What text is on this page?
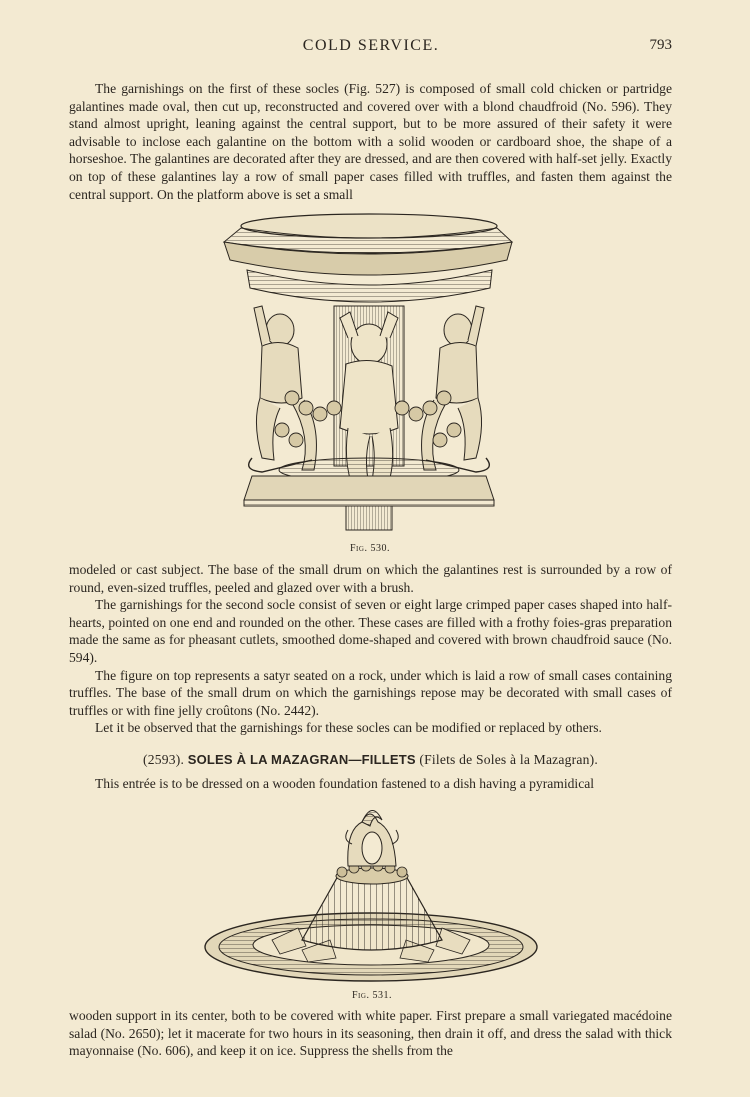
COLD SERVICE.	793

The garnishings on the first of these socles (Fig. 527) is composed of small cold chicken or partridge galantines made oval, then cut up, reconstructed and covered over with a blond chaudfroid (No. 596). They stand almost upright, leaning against the central support, but to be more assured of their safety it were advisable to inclose each galantine on the bottom with a solid wooden or cardboard shoe, the shape of a horseshoe. The galantines are decorated after they are dressed, and are then covered with half-set jelly. Exactly on top of these galantines lay a row of small paper cases filled with truffles, and fasten them against the central support. On the platform above is set a small

Fig. 530.

modeled or cast subject. The base of the small drum on which the galantines rest is surrounded by a row of round, even-sized truffles, peeled and glazed over with a brush.

The garnishings for the second socle consist of seven or eight large crimped paper cases shaped into half-hearts, pointed on one end and rounded on the other. These cases are filled with a frothy foies-gras preparation made the same as for pheasant cutlets, smoothed dome-shaped and covered with brown chaudfroid sauce (No. 594).

The figure on top represents a satyr seated on a rock, under which is laid a row of small cases containing truffles. The base of the small drum on which the garnishings repose may be decorated with small cases of truffles or with fine jelly croûtons (No. 2442).

Let it be observed that the garnishings for these socles can be modified or replaced by others.

(2593). SOLES À LA MAZAGRAN—FILLETS (Filets de Soles à la Mazagran).

This entrée is to be dressed on a wooden foundation fastened to a dish having a pyramidical

Fig. 531.

wooden support in its center, both to be covered with white paper. First prepare a small variegated macédoine salad (No. 2650); let it macerate for two hours in its seasoning, then drain it off, and dress the salad with thick mayonnaise (No. 606), and keep it on ice. Suppress the shells from the
